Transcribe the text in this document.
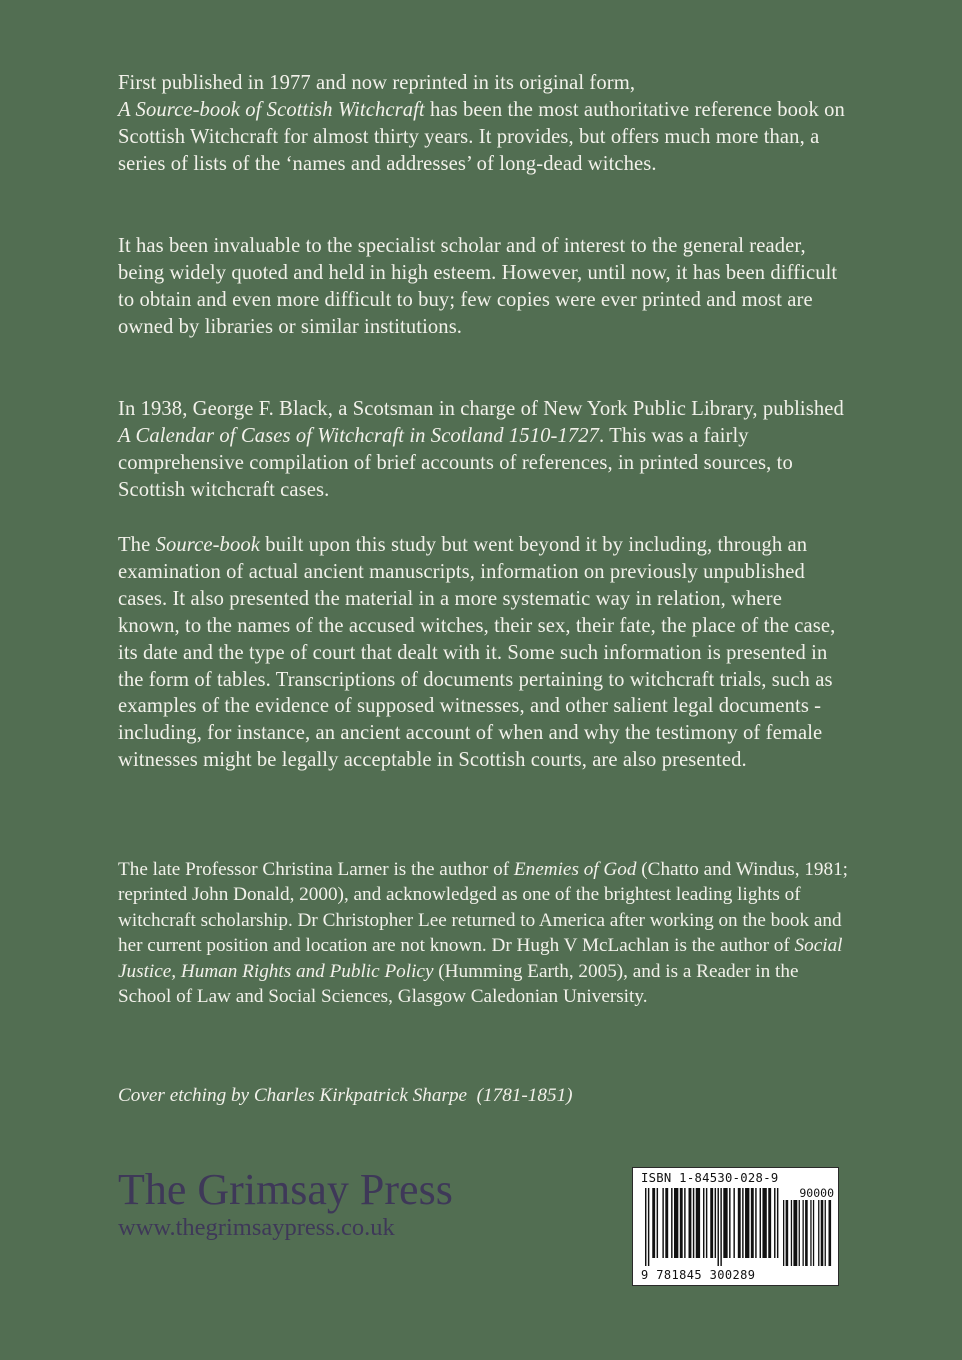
First published in 1977 and now reprinted in its original form,
A Source-book of Scottish Witchcraft has been the most authoritative reference book on Scottish Witchcraft for almost thirty years. It provides, but offers much more than, a series of lists of the ‘names and addresses’ of long-dead witches.

It has been invaluable to the specialist scholar and of interest to the general reader, being widely quoted and held in high esteem. However, until now, it has been difficult to obtain and even more difficult to buy; few copies were ever printed and most are owned by libraries or similar institutions.

In 1938, George F. Black, a Scotsman in charge of New York Public Library, published A Calendar of Cases of Witchcraft in Scotland 1510-1727. This was a fairly comprehensive compilation of brief accounts of references, in printed sources, to Scottish witchcraft cases.

The Source-book built upon this study but went beyond it by including, through an examination of actual ancient manuscripts, information on previously unpublished cases. It also presented the material in a more systematic way in relation, where known, to the names of the accused witches, their sex, their fate, the place of the case, its date and the type of court that dealt with it. Some such information is presented in the form of tables. Transcriptions of documents pertaining to witchcraft trials, such as examples of the evidence of supposed witnesses, and other salient legal documents - including, for instance, an ancient account of when and why the testimony of female witnesses might be legally acceptable in Scottish courts, are also presented.

The late Professor Christina Larner is the author of Enemies of God (Chatto and Windus, 1981; reprinted John Donald, 2000), and acknowledged as one of the brightest leading lights of witchcraft scholarship. Dr Christopher Lee returned to America after working on the book and her current position and location are not known. Dr Hugh V McLachlan is the author of Social Justice, Human Rights and Public Policy (Humming Earth, 2005), and is a Reader in the School of Law and Social Sciences, Glasgow Caledonian University.

Cover etching by Charles Kirkpatrick Sharpe  (1781-1851)

The Grimsay Press
www.thegrimsaypress.co.uk
ISBN 1-84530-028-9
90000
9 781845 300289
